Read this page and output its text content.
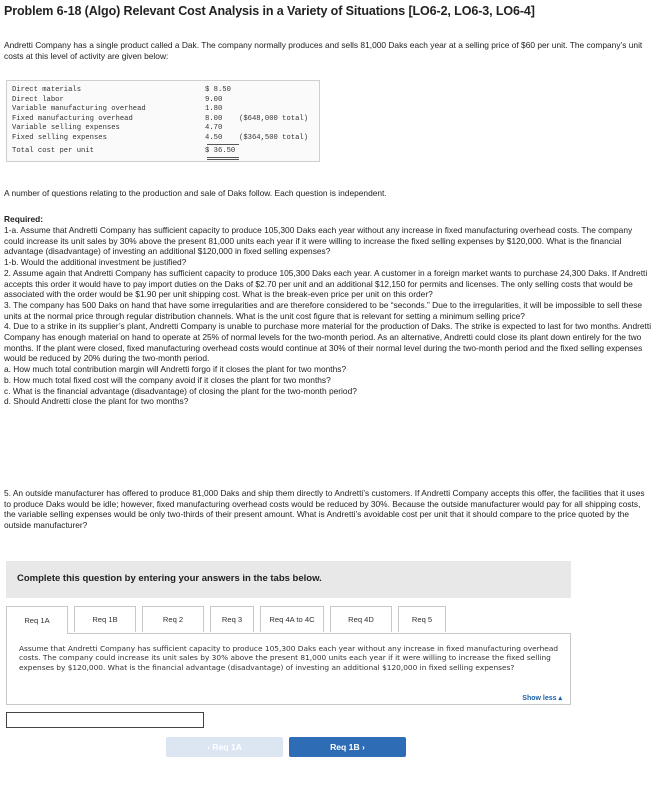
Problem 6-18 (Algo) Relevant Cost Analysis in a Variety of Situations [LO6-2, LO6-3, LO6-4]

Andretti Company has a single product called a Dak. The company normally produces and sells 81,000 Daks each year at a selling price of $60 per unit. The company’s unit costs at this level of activity are given below:

Direct materials	$ 8.50
Direct labor	9.00
Variable manufacturing overhead	1.80
Fixed manufacturing overhead	8.00 ($648,000 total)
Variable selling expenses	4.70
Fixed selling expenses	4.50 ($364,500 total)
Total cost per unit	$ 36.50

A number of questions relating to the production and sale of Daks follow. Each question is independent.

Required:

1-a. Assume that Andretti Company has sufficient capacity to produce 105,300 Daks each year without any increase in fixed manufacturing overhead costs. The company could increase its unit sales by 30% above the present 81,000 units each year if it were willing to increase the fixed selling expenses by $120,000. What is the financial advantage (disadvantage) of investing an additional $120,000 in fixed selling expenses?
1-b. Would the additional investment be justified?
2. Assume again that Andretti Company has sufficient capacity to produce 105,300 Daks each year. A customer in a foreign market wants to purchase 24,300 Daks. If Andretti accepts this order it would have to pay import duties on the Daks of $2.70 per unit and an additional $12,150 for permits and licenses. The only selling costs that would be associated with the order would be $1.90 per unit shipping cost. What is the break-even price per unit on this order?
3. The company has 500 Daks on hand that have some irregularities and are therefore considered to be “seconds.” Due to the irregularities, it will be impossible to sell these units at the normal price through regular distribution channels. What is the unit cost figure that is relevant for setting a minimum selling price?
4. Due to a strike in its supplier’s plant, Andretti Company is unable to purchase more material for the production of Daks. The strike is expected to last for two months. Andretti Company has enough material on hand to operate at 25% of normal levels for the two-month period. As an alternative, Andretti could close its plant down entirely for the two months. If the plant were closed, fixed manufacturing overhead costs would continue at 30% of their normal level during the two-month period and the fixed selling expenses would be reduced by 20% during the two-month period.
a. How much total contribution margin will Andretti forgo if it closes the plant for two months?
b. How much total fixed cost will the company avoid if it closes the plant for two months?
c. What is the financial advantage (disadvantage) of closing the plant for the two-month period?
d. Should Andretti close the plant for two months?

5. An outside manufacturer has offered to produce 81,000 Daks and ship them directly to Andretti’s customers. If Andretti Company accepts this offer, the facilities that it uses to produce Daks would be idle; however, fixed manufacturing overhead costs would be reduced by 30%. Because the outside manufacturer would pay for all shipping costs, the variable selling expenses would be only two-thirds of their present amount. What is Andretti’s avoidable cost per unit that it should compare to the price quoted by the outside manufacturer?

Complete this question by entering your answers in the tabs below.
Req 1A	Req 1B	Req 2	Req 3	Req 4A to 4C	Req 4D	Req 5
Assume that Andretti Company has sufficient capacity to produce 105,300 Daks each year without any increase in fixed manufacturing overhead costs. The company could increase its unit sales by 30% above the present 81,000 units each year if it were willing to increase the fixed selling expenses by $120,000. What is the financial advantage (disadvantage) of investing an additional $120,000 in fixed selling expenses?
Show less ▴
‹ Req 1A	Req 1B ›
